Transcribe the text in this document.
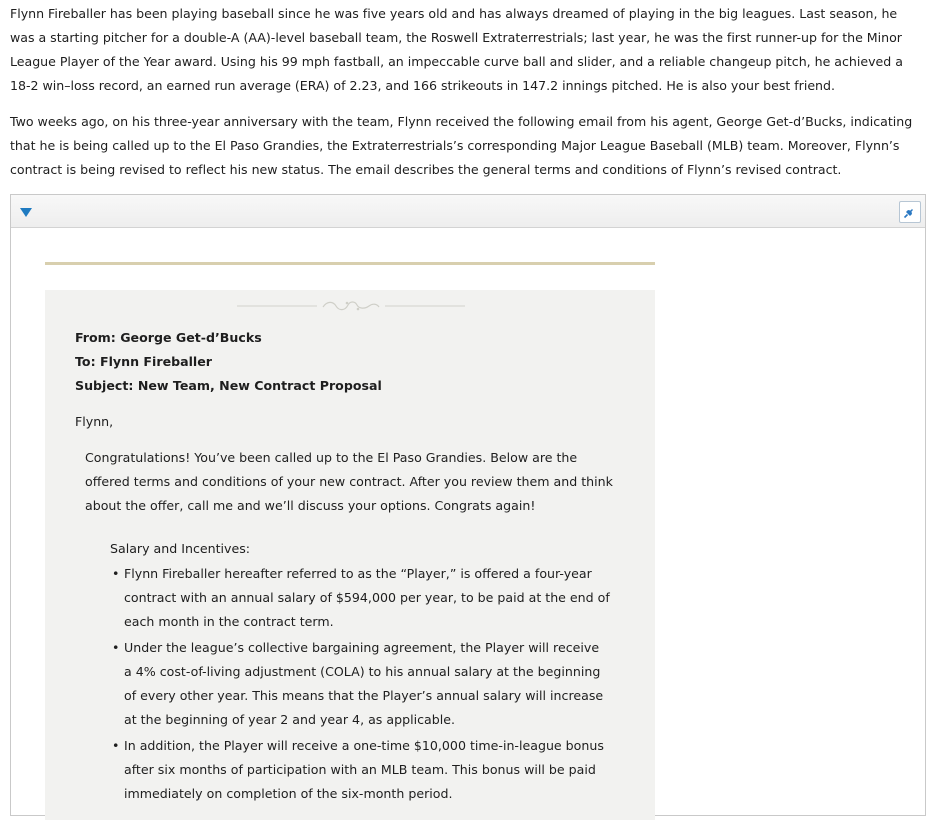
Flynn Fireballer has been playing baseball since he was five years old and has always dreamed of playing in the big leagues. Last season, he was a starting pitcher for a double-A (AA)-level baseball team, the Roswell Extraterrestrials; last year, he was the first runner-up for the Minor League Player of the Year award. Using his 99 mph fastball, an impeccable curve ball and slider, and a reliable changeup pitch, he achieved a 18-2 win–loss record, an earned run average (ERA) of 2.23, and 166 strikeouts in 147.2 innings pitched. He is also your best friend.

Two weeks ago, on his three-year anniversary with the team, Flynn received the following email from his agent, George Get-d’Bucks, indicating that he is being called up to the El Paso Grandies, the Extraterrestrials’s corresponding Major League Baseball (MLB) team. Moreover, Flynn’s contract is being revised to reflect his new status. The email describes the general terms and conditions of Flynn’s revised contract.

From: George Get-d’Bucks
To: Flynn Fireballer
Subject: New Team, New Contract Proposal
Flynn,
Congratulations! You’ve been called up to the El Paso Grandies. Below are the offered terms and conditions of your new contract. After you review them and think about the offer, call me and we’ll discuss your options. Congrats again!
Salary and Incentives:
• Flynn Fireballer hereafter referred to as the “Player,” is offered a four-year contract with an annual salary of $594,000 per year, to be paid at the end of each month in the contract term.
• Under the league’s collective bargaining agreement, the Player will receive a 4% cost-of-living adjustment (COLA) to his annual salary at the beginning of every other year. This means that the Player’s annual salary will increase at the beginning of year 2 and year 4, as applicable.
• In addition, the Player will receive a one-time $10,000 time-in-league bonus after six months of participation with an MLB team. This bonus will be paid immediately on completion of the six-month period.
